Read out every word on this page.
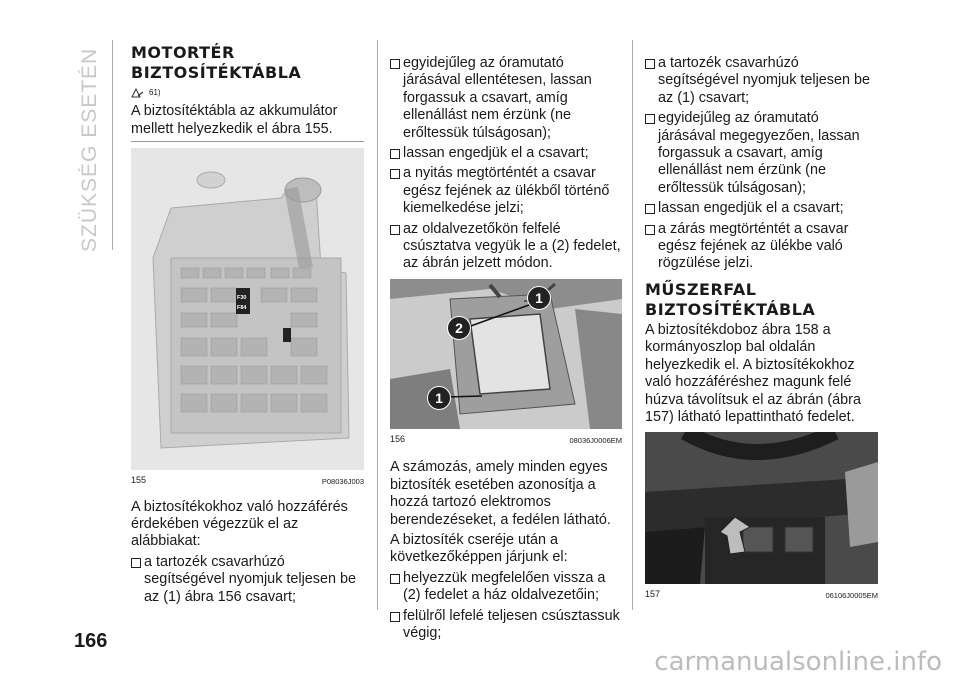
SZÜKSÉG ESETÉN
166

MOTORTÉR

BIZTOSÍTÉKTÁBLA

61)

A biztosítéktábla az akkumulátor mellett helyezkedik el ábra 155.

F30
F84
155	P08036J003

A biztosítékokhoz való hozzáférés érdekében végezzük el az alábbiakat:

a tartozék csavarhúzó segítségével nyomjuk teljesen be az (1) ábra 156 csavart;

egyidejűleg az óramutató járásával ellentétesen, lassan forgassuk a csavart, amíg ellenállást nem érzünk (ne erőltessük túlságosan);

lassan engedjük el a csavart;

a nyitás megtörténtét a csavar egész fejének az ülékből történő kiemelkedése jelzi;

az oldalvezetőkön felfelé csúsztatva vegyük le a (2) fedelet, az ábrán jelzett módon.

1
2
1
156	08036J0006EM

A számozás, amely minden egyes biztosíték esetében azonosítja a hozzá tartozó elektromos berendezéseket, a fedélen látható.

A biztosíték cseréje után a következőképpen járjunk el:

helyezzük megfelelően vissza a (2) fedelet a ház oldalvezetőin;

felülről lefelé teljesen csúsztassuk végig;

a tartozék csavarhúzó segítségével nyomjuk teljesen be az (1) csavart;

egyidejűleg az óramutató járásával megegyezően, lassan forgassuk a csavart, amíg ellenállást nem érzünk (ne erőltessük túlságosan);

lassan engedjük el a csavart;

a zárás megtörténtét a csavar egész fejének az ülékbe való rögzülése jelzi.

MŰSZERFAL

BIZTOSÍTÉKTÁBLA

A biztosítékdoboz ábra 158 a kormányoszlop bal oldalán helyezkedik el. A biztosítékokhoz való hozzáféréshez magunk felé húzva távolítsuk el az ábrán (ábra 157) látható lepattintható fedelet.

157	06106J0005EM
carmanualsonline.info
